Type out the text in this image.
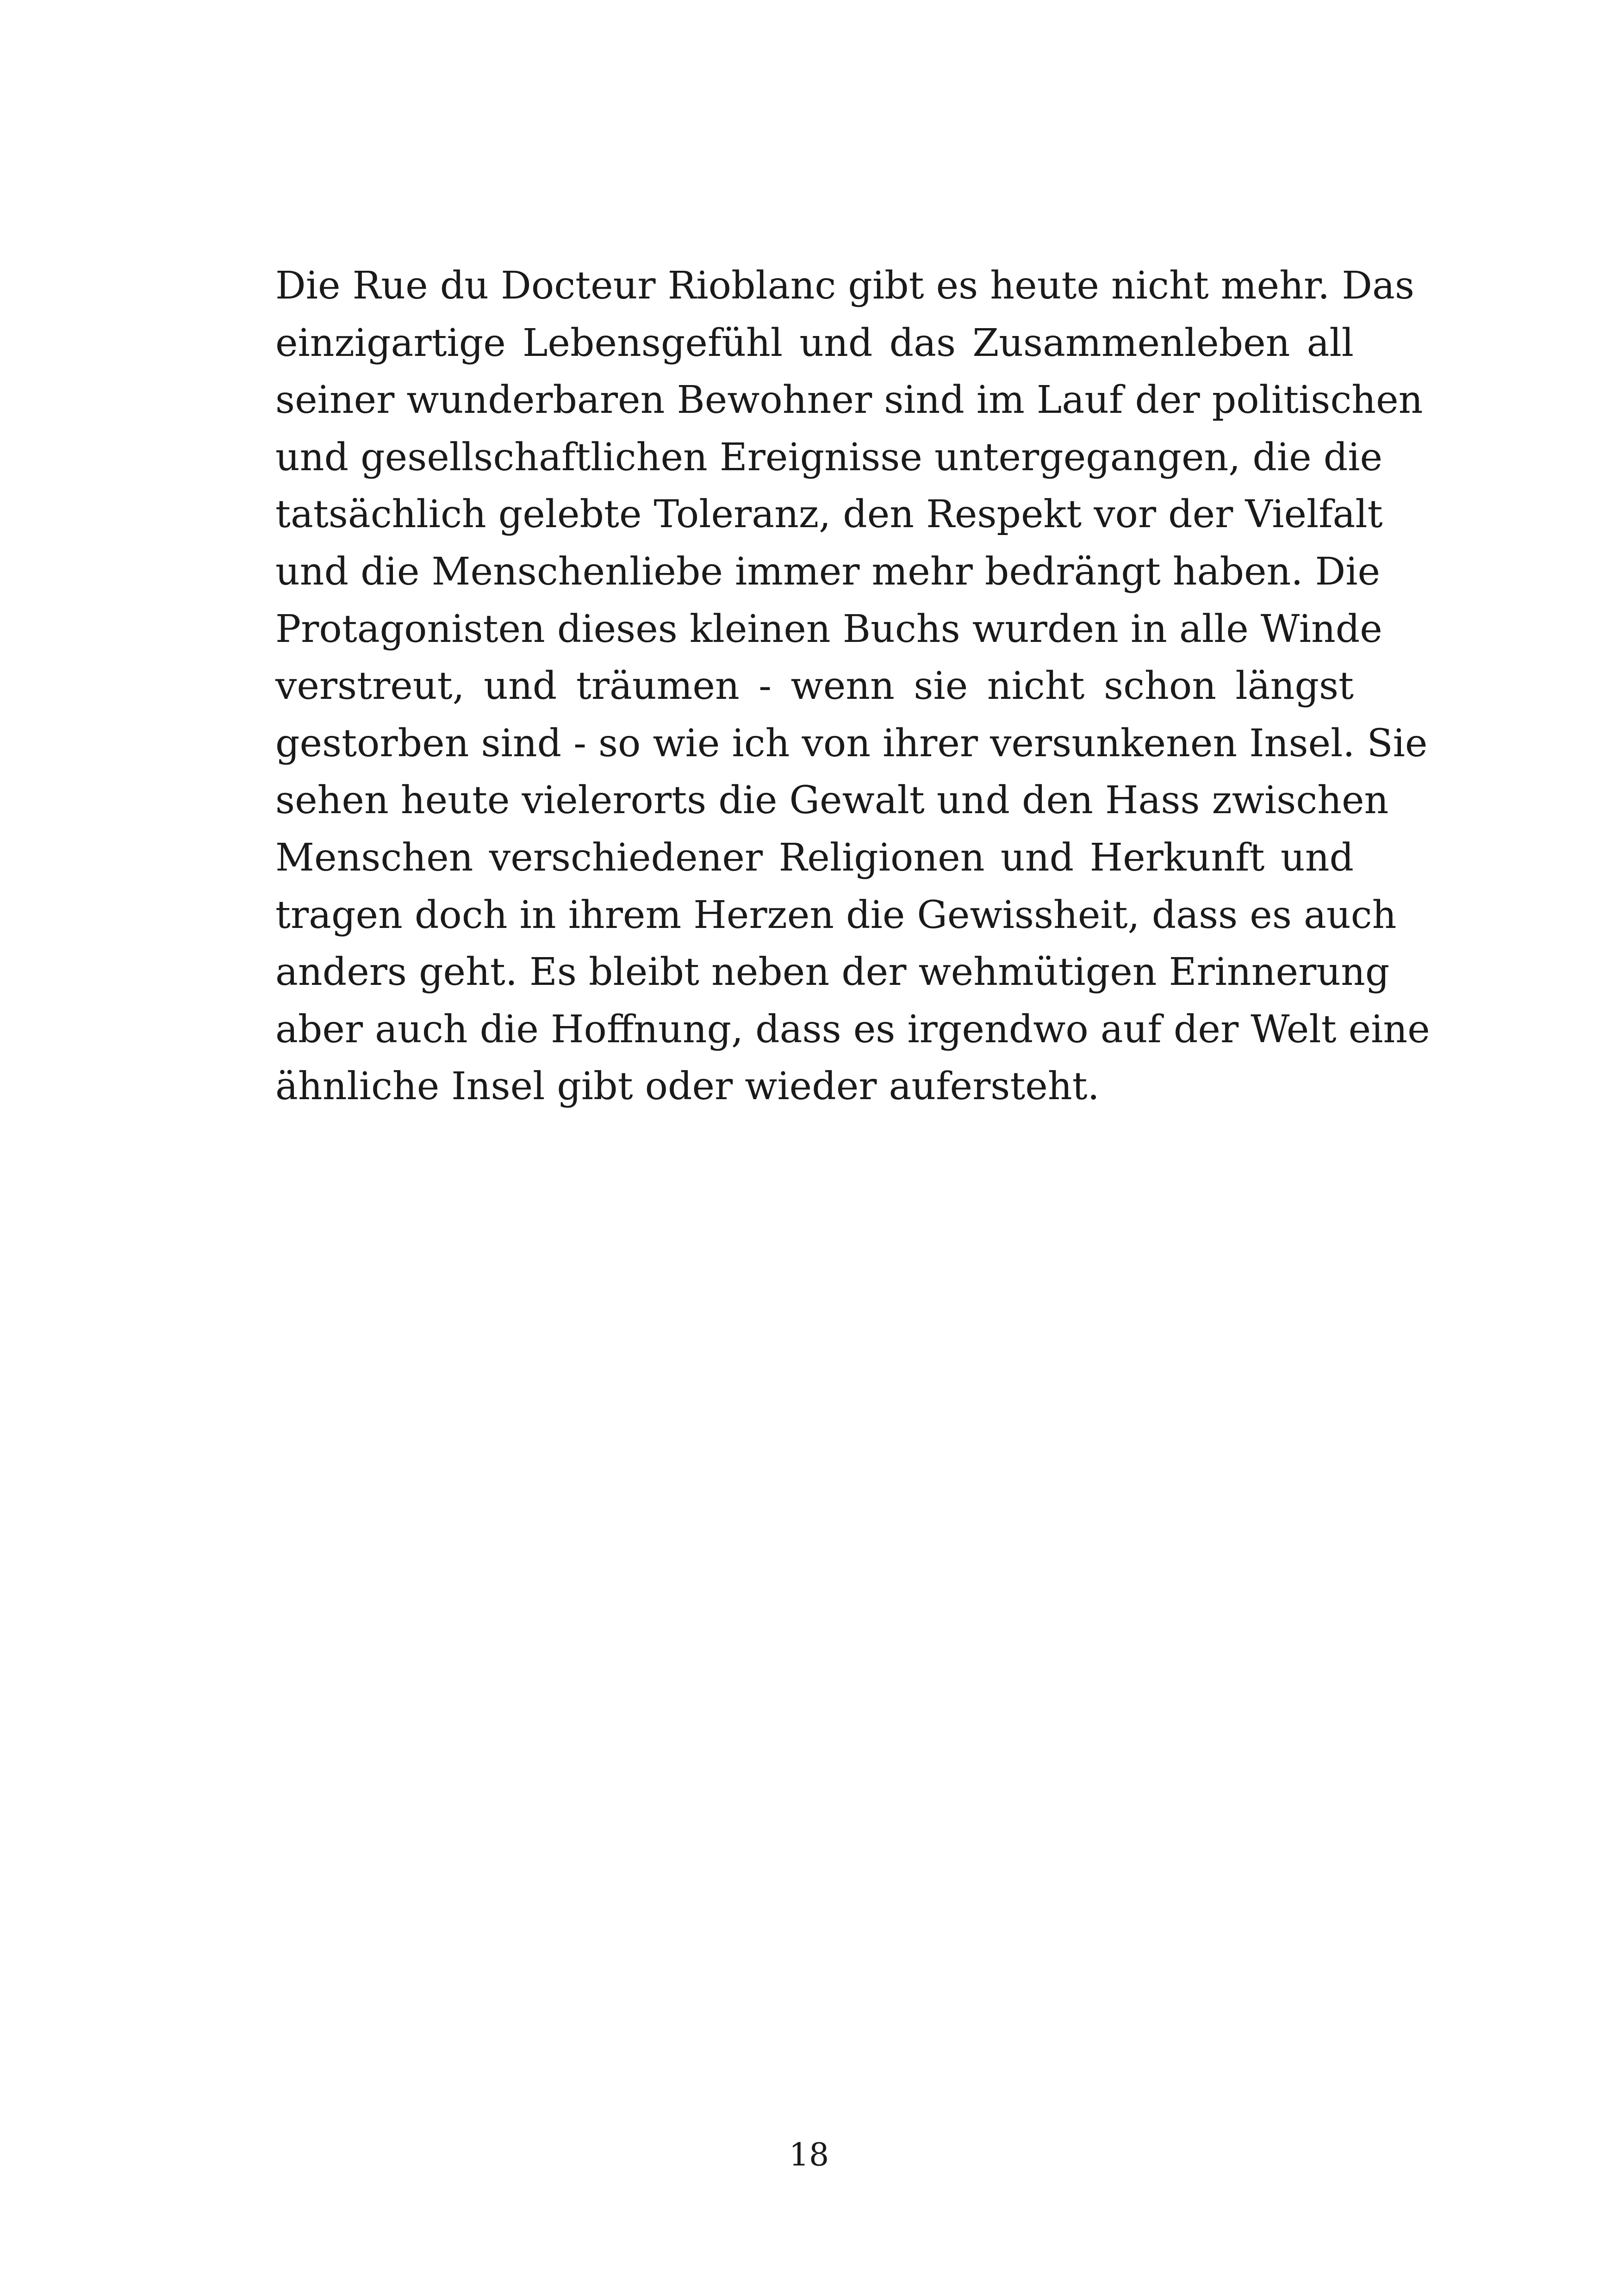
Die Rue du Docteur Rioblanc gibt es heute nicht mehr. Das
einzigartige Lebensgefühl und das Zusammenleben all
seiner wunderbaren Bewohner sind im Lauf der politischen
und gesellschaftlichen Ereignisse untergegangen, die die
tatsächlich gelebte Toleranz, den Respekt vor der Vielfalt
und die Menschenliebe immer mehr bedrängt haben. Die
Protagonisten dieses kleinen Buchs wurden in alle Winde
verstreut, und träumen - wenn sie nicht schon längst
gestorben sind - so wie ich von ihrer versunkenen Insel. Sie
sehen heute vielerorts die Gewalt und den Hass zwischen
Menschen verschiedener Religionen und Herkunft und
tragen doch in ihrem Herzen die Gewissheit, dass es auch
anders geht. Es bleibt neben der wehmütigen Erinnerung
aber auch die Hoffnung, dass es irgendwo auf der Welt eine
ähnliche Insel gibt oder wieder aufersteht.
18
